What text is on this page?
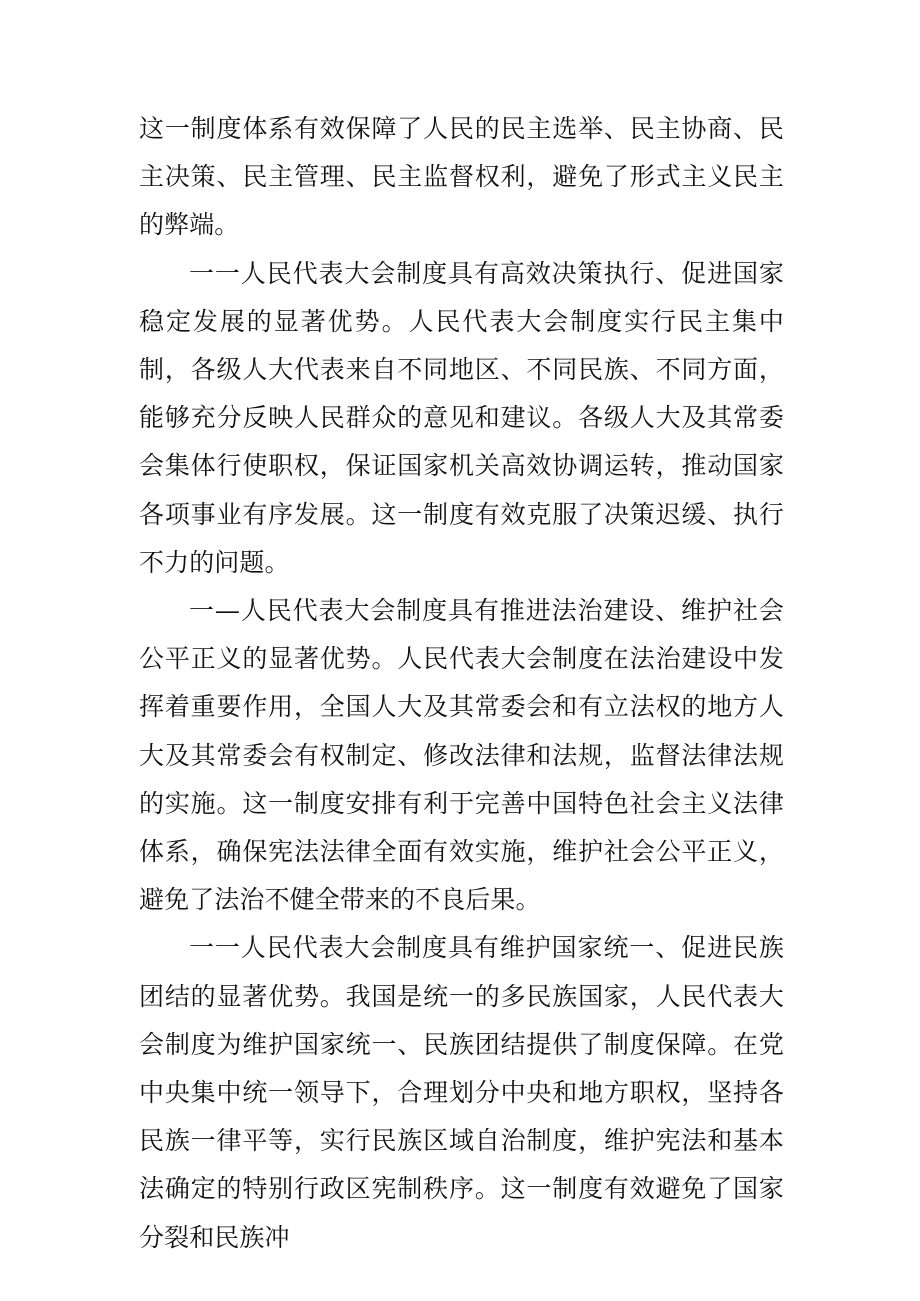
这一制度体系有效保障了人民的民主选举、民主协商、民主决策、民主管理、民主监督权利，避免了形式主义民主的弊端。

一一人民代表大会制度具有高效决策执行、促进国家稳定发展的显著优势。人民代表大会制度实行民主集中制，各级人大代表来自不同地区、不同民族、不同方面，能够充分反映人民群众的意见和建议。各级人大及其常委会集体行使职权，保证国家机关高效协调运转，推动国家各项事业有序发展。这一制度有效克服了决策迟缓、执行不力的问题。

一—人民代表大会制度具有推进法治建设、维护社会公平正义的显著优势。人民代表大会制度在法治建设中发挥着重要作用，全国人大及其常委会和有立法权的地方人大及其常委会有权制定、修改法律和法规，监督法律法规的实施。这一制度安排有利于完善中国特色社会主义法律体系，确保宪法法律全面有效实施，维护社会公平正义，避免了法治不健全带来的不良后果。

一一人民代表大会制度具有维护国家统一、促进民族团结的显著优势。我国是统一的多民族国家，人民代表大会制度为维护国家统一、民族团结提供了制度保障。在党中央集中统一领导下，合理划分中央和地方职权，坚持各民族一律平等，实行民族区域自治制度，维护宪法和基本法确定的特别行政区宪制秩序。这一制度有效避免了国家分裂和民族冲
